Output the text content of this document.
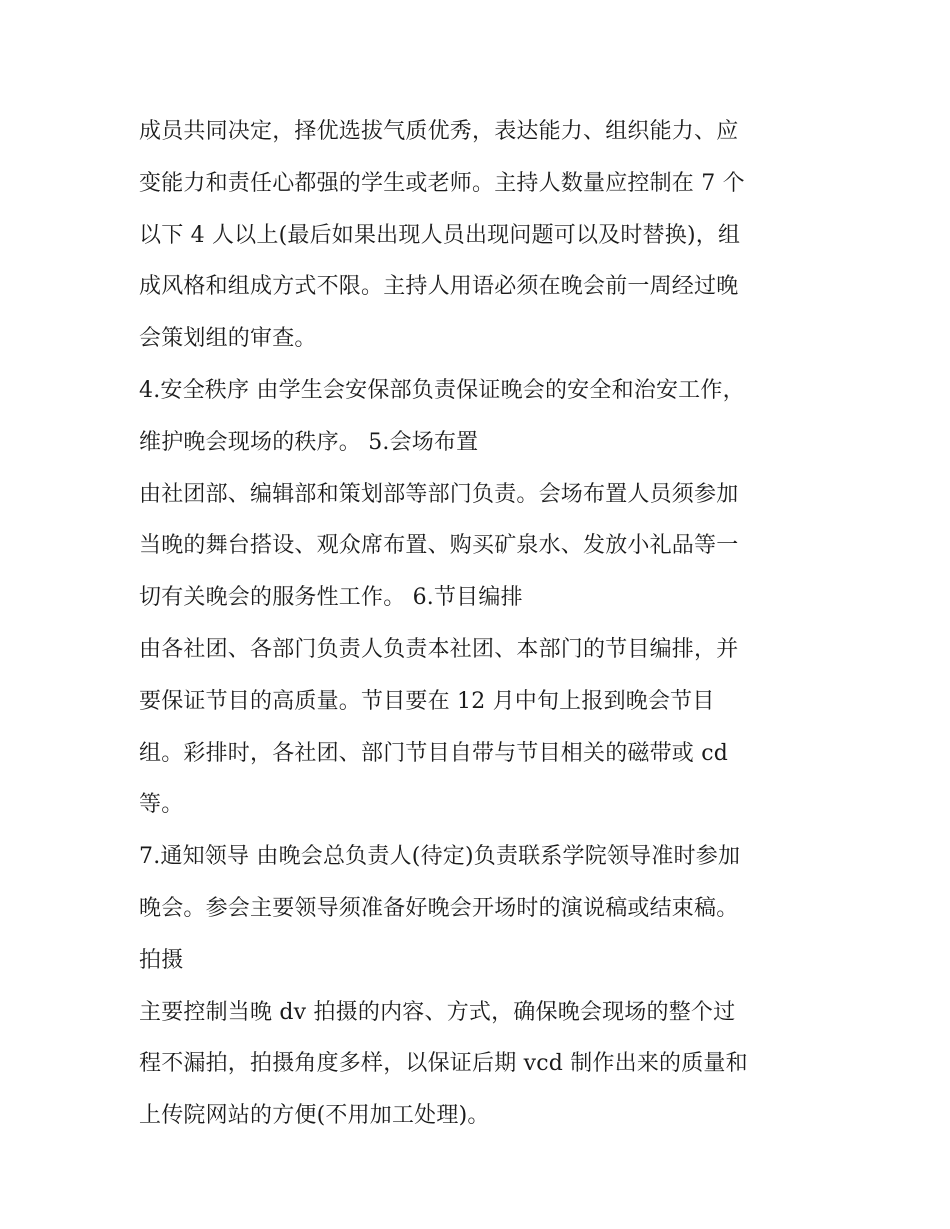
成员共同决定，择优选拔气质优秀，表达能力、组织能力、应
变能力和责任心都强的学生或老师。主持人数量应控制在 7 个
以下 4 人以上(最后如果出现人员出现问题可以及时替换)，组
成风格和组成方式不限。主持人用语必须在晚会前一周经过晚
会策划组的审查。
4.安全秩序 由学生会安保部负责保证晚会的安全和治安工作，
维护晚会现场的秩序。 5.会场布置
由社团部、编辑部和策划部等部门负责。会场布置人员须参加
当晚的舞台搭设、观众席布置、购买矿泉水、发放小礼品等一
切有关晚会的服务性工作。 6.节目编排
由各社团、各部门负责人负责本社团、本部门的节目编排，并
要保证节目的高质量。节目要在 12 月中旬上报到晚会节目
组。彩排时，各社团、部门节目自带与节目相关的磁带或 cd
等。
7.通知领导 由晚会总负责人(待定)负责联系学院领导准时参加
晚会。参会主要领导须准备好晚会开场时的演说稿或结束稿。
拍摄
主要控制当晚 dv 拍摄的内容、方式，确保晚会现场的整个过
程不漏拍，拍摄角度多样，以保证后期 vcd 制作出来的质量和
上传院网站的方便(不用加工处理)。
